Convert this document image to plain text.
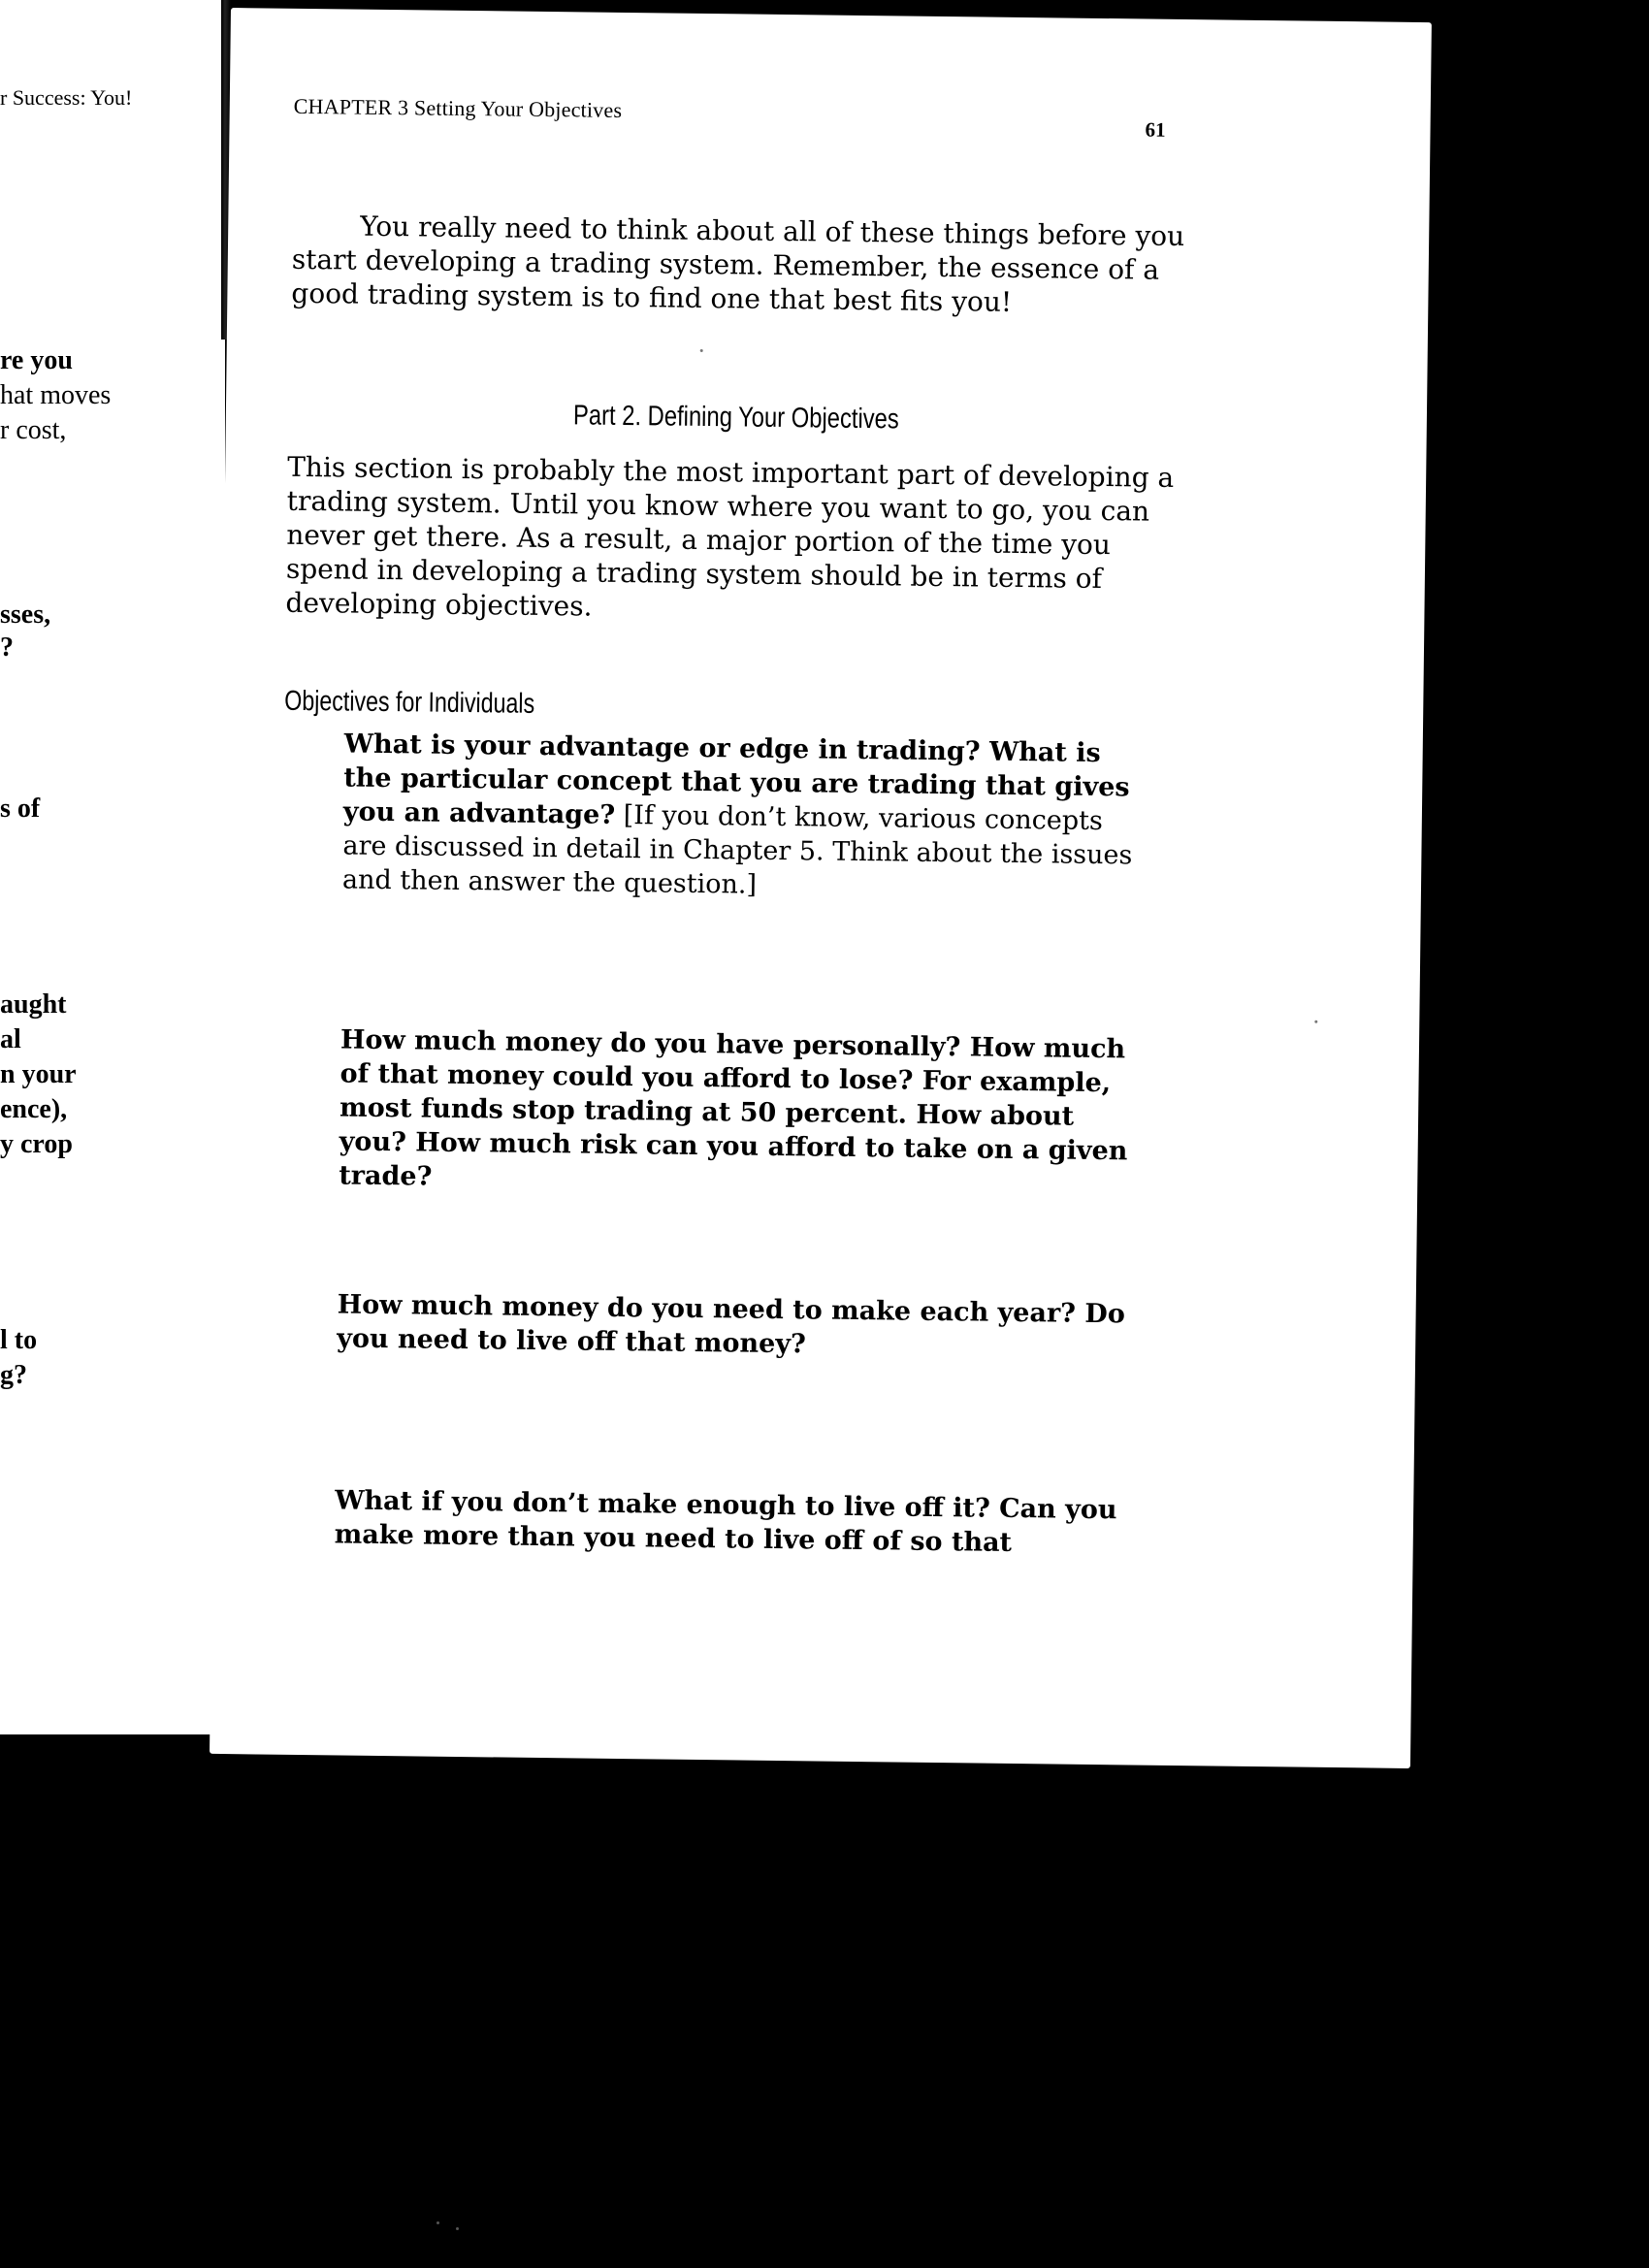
r Success: You!
re you
hat moves
r cost,
sses,
?
s of
aught
al
n your
ence),
y crop
l to
g?
CHAPTER 3 Setting Your Objectives
61

You really need to think about all of these things before you start developing a trading system. Remember, the essence of a good trading system is to find one that best fits you!

Part 2. Defining Your Objectives

This section is probably the most important part of developing a trading system. Until you know where you want to go, you can never get there. As a result, a major portion of the time you spend in developing a trading system should be in terms of developing objectives.

Objectives for Individuals

What is your advantage or edge in trading? What is the particular concept that you are trading that gives you an advantage? [If you don’t know, various concepts are discussed in detail in Chapter 5. Think about the issues and then answer the question.]

How much money do you have personally? How much of that money could you afford to lose? For example, most funds stop trading at 50 percent. How about you? How much risk can you afford to take on a given trade?

How much money do you need to make each year? Do you need to live off that money?

What if you don’t make enough to live off it? Can you make more than you need to live off of so that
